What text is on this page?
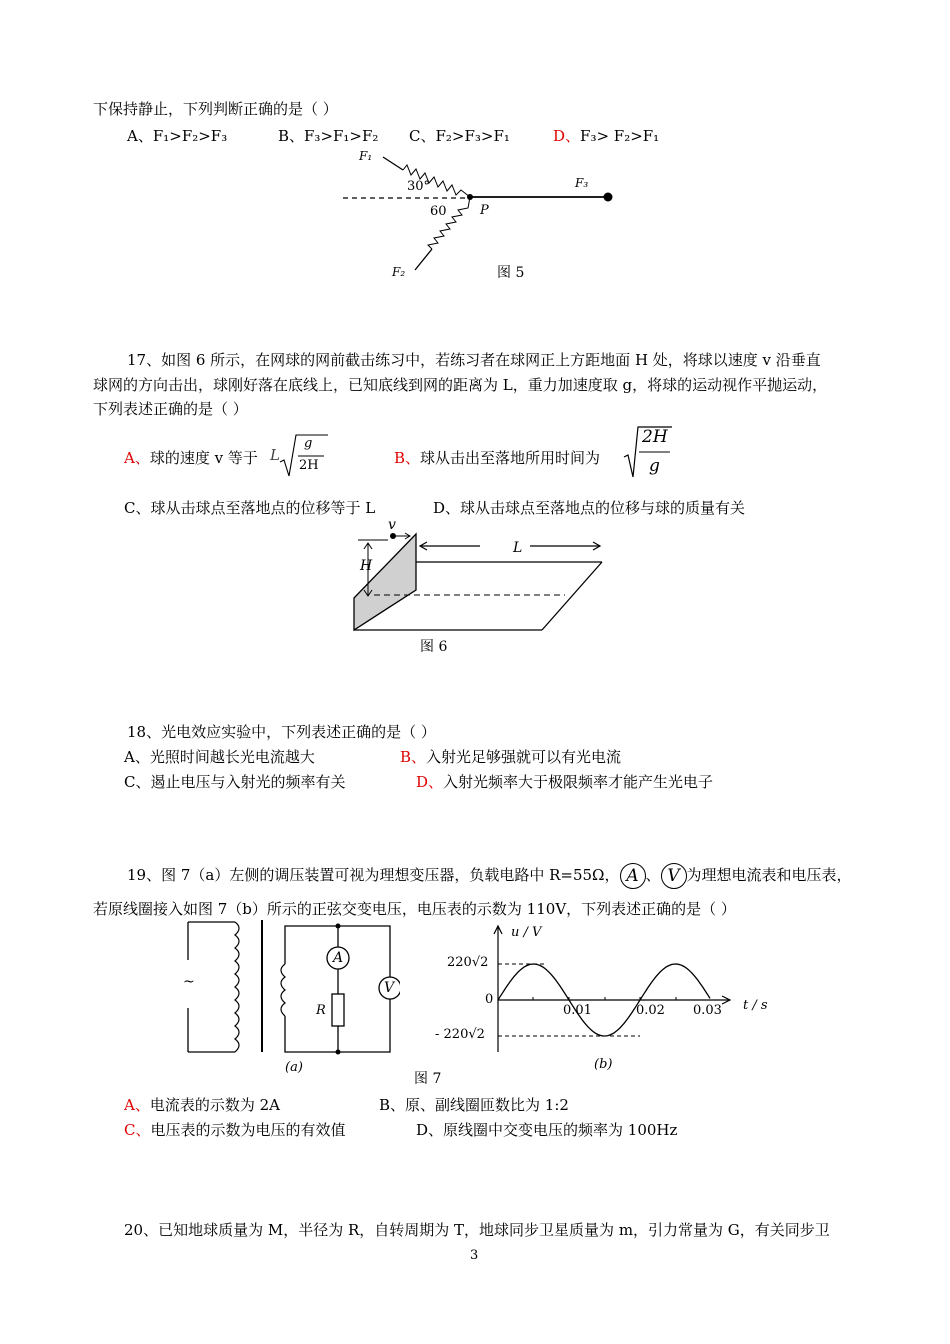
下保持静止，下列判断正确的是（ ）
A、F₁>F₂>F₃	B、F₃>F₁>F₂ C、F₂>F₃>F₁	D、F₃> F₂>F₁
F₁
30°
60	P
F₃
F₂	图 5
17、如图 6 所示，在网球的网前截击练习中，若练习者在球网正上方距地面 H 处，将球以速度 v 沿垂直
球网的方向击出，球刚好落在底线上，已知底线到网的距离为 L，重力加速度取 g，将球的运动视作平抛运动，
下列表述正确的是（ ）
A、球的速度 v 等于 L
g
2H	B、球从击出至落地所用时间为
2H
g
C、球从击球点至落地点的位移等于 L	D、球从击球点至落地点的位移与球的质量有关
v
H
L
图 6
18、光电效应实验中，下列表述正确的是（ ）
A、光照时间越长光电流越大	B、入射光足够强就可以有光电流
C、遏止电压与入射光的频率有关	D、入射光频率大于极限频率才能产生光电子
19、图 7（a）左侧的调压装置可视为理想变压器，负载电路中 R=55Ω， A 、 V 为理想电流表和电压表，
若原线圈接入如图 7（b）所示的正弦交变电压，电压表的示数为 110V，下列表述正确的是（ ）
~
A
V
R
(a)
图 7
u / V
t / s
220√2
0
- 220√2
0.01	0.02 0.03
(b)
A、电流表的示数为 2A	B、原、副线圈匝数比为 1:2
C、电压表的示数为电压的有效值	D、原线圈中交变电压的频率为 100Hz
20、已知地球质量为 M，半径为 R，自转周期为 T，地球同步卫星质量为 m，引力常量为 G，有关同步卫
3
